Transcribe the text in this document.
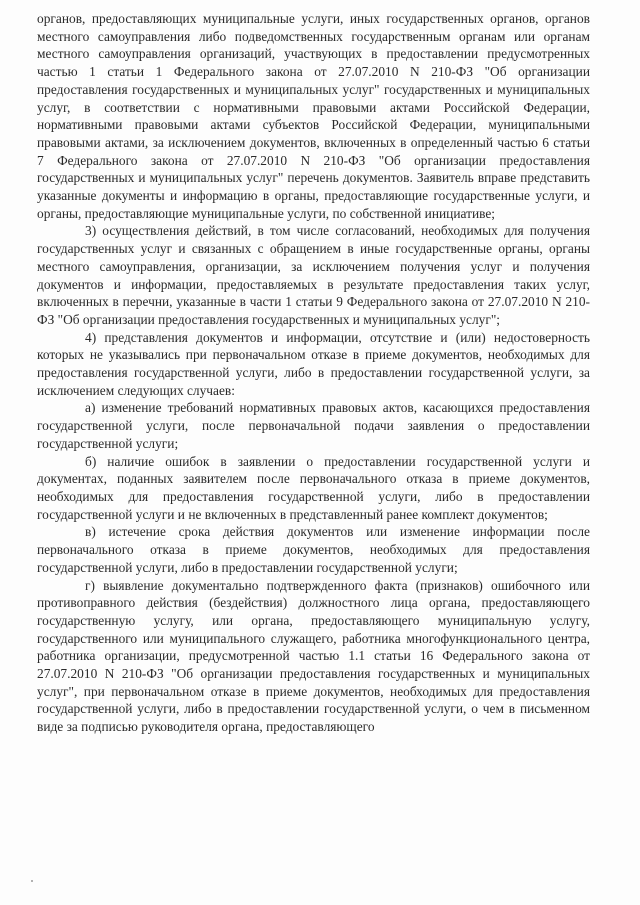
органов, предоставляющих муниципальные услуги, иных государственных органов, органов местного самоуправления либо подведомственных государственным органам или органам местного самоуправления организаций, участвующих в предоставлении предусмотренных частью 1 статьи 1 Федерального закона от 27.07.2010 N 210-ФЗ "Об организации предоставления государственных и муниципальных услуг" государственных и муниципальных услуг, в соответствии с нормативными правовыми актами Российской Федерации, нормативными правовыми актами субъектов Российской Федерации, муниципальными правовыми актами, за исключением документов, включенных в определенный частью 6 статьи 7 Федерального закона от 27.07.2010 N 210-ФЗ "Об организации предоставления государственных и муниципальных услуг" перечень документов. Заявитель вправе представить указанные документы и информацию в органы, предоставляющие государственные услуги, и органы, предоставляющие муниципальные услуги, по собственной инициативе;

3) осуществления действий, в том числе согласований, необходимых для получения государственных услуг и связанных с обращением в иные государственные органы, органы местного самоуправления, организации, за исключением получения услуг и получения документов и информации, предоставляемых в результате предоставления таких услуг, включенных в перечни, указанные в части 1 статьи 9 Федерального закона от 27.07.2010 N 210-ФЗ "Об организации предоставления государственных и муниципальных услуг";

4) представления документов и информации, отсутствие и (или) недостоверность которых не указывались при первоначальном отказе в приеме документов, необходимых для предоставления государственной услуги, либо в предоставлении государственной услуги, за исключением следующих случаев:

а) изменение требований нормативных правовых актов, касающихся предоставления государственной услуги, после первоначальной подачи заявления о предоставлении государственной услуги;

б) наличие ошибок в заявлении о предоставлении государственной услуги и документах, поданных заявителем после первоначального отказа в приеме документов, необходимых для предоставления государственной услуги, либо в предоставлении государственной услуги и не включенных в представленный ранее комплект документов;

в) истечение срока действия документов или изменение информации после первоначального отказа в приеме документов, необходимых для предоставления государственной услуги, либо в предоставлении государственной услуги;

г) выявление документально подтвержденного факта (признаков) ошибочного или противоправного действия (бездействия) должностного лица органа, предоставляющего государственную услугу, или органа, предоставляющего муниципальную услугу, государственного или муниципального служащего, работника многофункционального центра, работника организации, предусмотренной частью 1.1 статьи 16 Федерального закона от 27.07.2010 N 210-ФЗ "Об организации предоставления государственных и муниципальных услуг", при первоначальном отказе в приеме документов, необходимых для предоставления государственной услуги, либо в предоставлении государственной услуги, о чем в письменном виде за подписью руководителя органа, предоставляющего
